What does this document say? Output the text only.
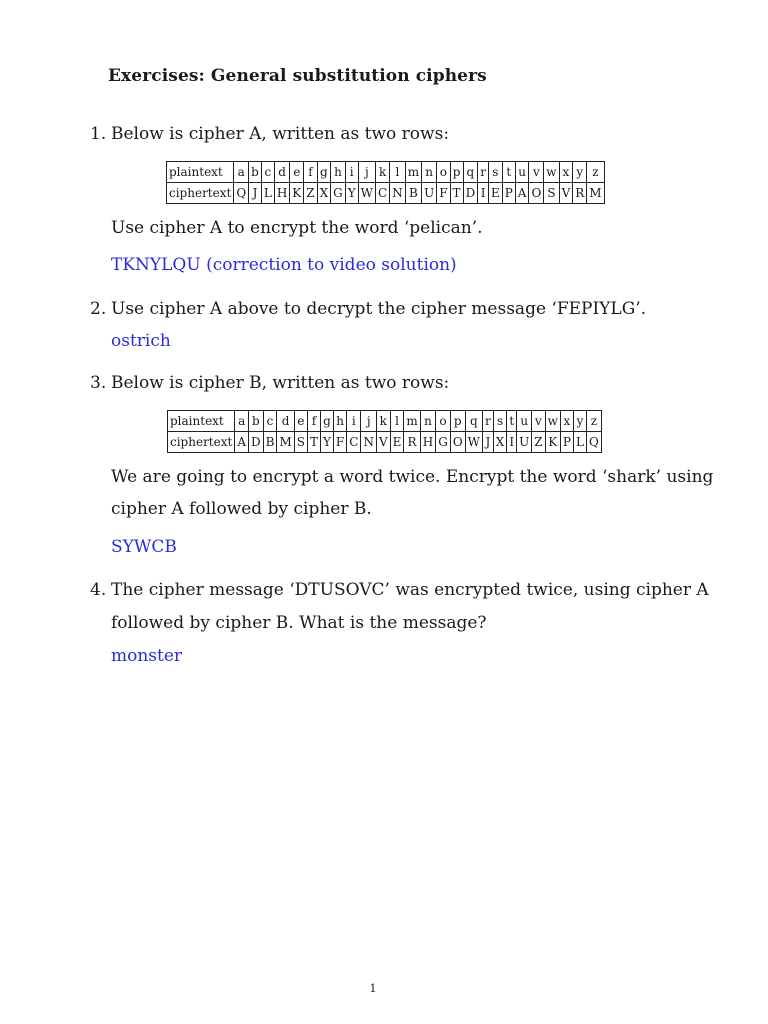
Exercises: General substitution ciphers
1. Below is cipher A, written as two rows:
plaintext	a	b	c	d	e	f	g	h	i	j	k	l	m	n	o	p	q	r	s	t	u	v	w	x	y	z
ciphertext	Q	J	L	H	K	Z	X	G	Y	W	C	N	B	U	F	T	D	I	E	P	A	O	S	V	R	M
Use cipher A to encrypt the word ‘pelican’.
TKNYLQU (correction to video solution)
2. Use cipher A above to decrypt the cipher message ‘FEPIYLG’.
ostrich
3. Below is cipher B, written as two rows:
plaintext	a	b	c	d	e	f	g	h	i	j	k	l	m	n	o	p	q	r	s	t	u	v	w	x	y	z
ciphertext	A	D	B	M	S	T	Y	F	C	N	V	E	R	H	G	O	W	J	X	I	U	Z	K	P	L	Q
We are going to encrypt a word twice. Encrypt the word ‘shark’ using
cipher A followed by cipher B.
SYWCB
4. The cipher message ‘DTUSOVC’ was encrypted twice, using cipher A
followed by cipher B. What is the message?
monster
1
